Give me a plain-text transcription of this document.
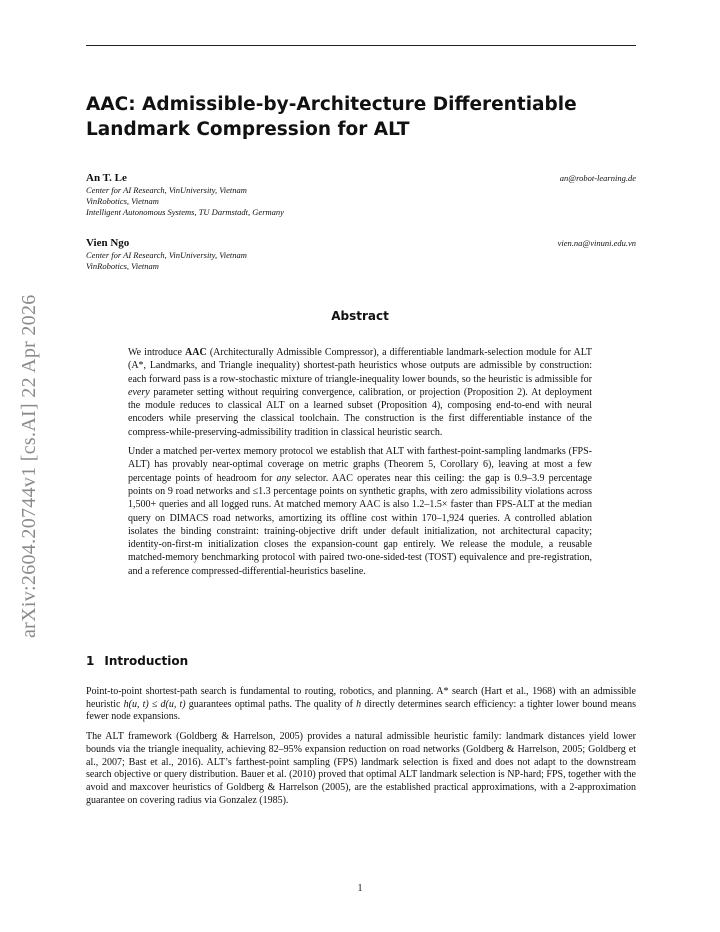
arXiv:2604.20744v1 [cs.AI] 22 Apr 2026
AAC: Admissible-by-Architecture Differentiable Landmark Compression for ALT
An T. Le	an@robot-learning.de
Center for AI Research, VinUniversity, Vietnam
VinRobotics, Vietnam
Intelligent Autonomous Systems, TU Darmstadt, Germany
Vien Ngo	vien.na@vinuni.edu.vn
Center for AI Research, VinUniversity, Vietnam
VinRobotics, Vietnam
Abstract

We introduce AAC (Architecturally Admissible Compressor), a differentiable landmark-selection module for ALT (A*, Landmarks, and Triangle inequality) shortest-path heuristics whose outputs are admissible by construction: each forward pass is a row-stochastic mixture of triangle-inequality lower bounds, so the heuristic is admissible for every parameter setting without requiring convergence, calibration, or projection (Proposition 2). At deployment the module reduces to classical ALT on a learned subset (Proposition 4), composing end-to-end with neural encoders while preserving the classical toolchain. The construction is the first differentiable instance of the compress-while-preserving-admissibility tradition in classical heuristic search.

Under a matched per-vertex memory protocol we establish that ALT with farthest-point-sampling landmarks (FPS-ALT) has provably near-optimal coverage on metric graphs (Theorem 5, Corollary 6), leaving at most a few percentage points of headroom for any selector. AAC operates near this ceiling: the gap is 0.9–3.9 percentage points on 9 road networks and ≤1.3 percentage points on synthetic graphs, with zero admissibility violations across 1,500+ queries and all logged runs. At matched memory AAC is also 1.2–1.5× faster than FPS-ALT at the median query on DIMACS road networks, amortizing its offline cost within 170–1,924 queries. A controlled ablation isolates the binding constraint: training-objective drift under default initialization, not architectural capacity; identity-on-first-m initialization closes the expansion-count gap entirely. We release the module, a reusable matched-memory benchmarking protocol with paired two-one-sided-test (TOST) equivalence and pre-registration, and a reference compressed-differential-heuristics baseline.

1 Introduction

Point-to-point shortest-path search is fundamental to routing, robotics, and planning. A* search (Hart et al., 1968) with an admissible heuristic h(u, t) ≤ d(u, t) guarantees optimal paths. The quality of h directly determines search efficiency: a tighter lower bound means fewer node expansions.

The ALT framework (Goldberg & Harrelson, 2005) provides a natural admissible heuristic family: landmark distances yield lower bounds via the triangle inequality, achieving 82–95% expansion reduction on road networks (Goldberg & Harrelson, 2005; Goldberg et al., 2007; Bast et al., 2016). ALT’s farthest-point sampling (FPS) landmark selection is fixed and does not adapt to the downstream search objective or query distribution. Bauer et al. (2010) proved that optimal ALT landmark selection is NP-hard; FPS, together with the avoid and maxcover heuristics of Goldberg & Harrelson (2005), are the established practical approximations, with a 2-approximation guarantee on covering radius via Gonzalez (1985).

1
